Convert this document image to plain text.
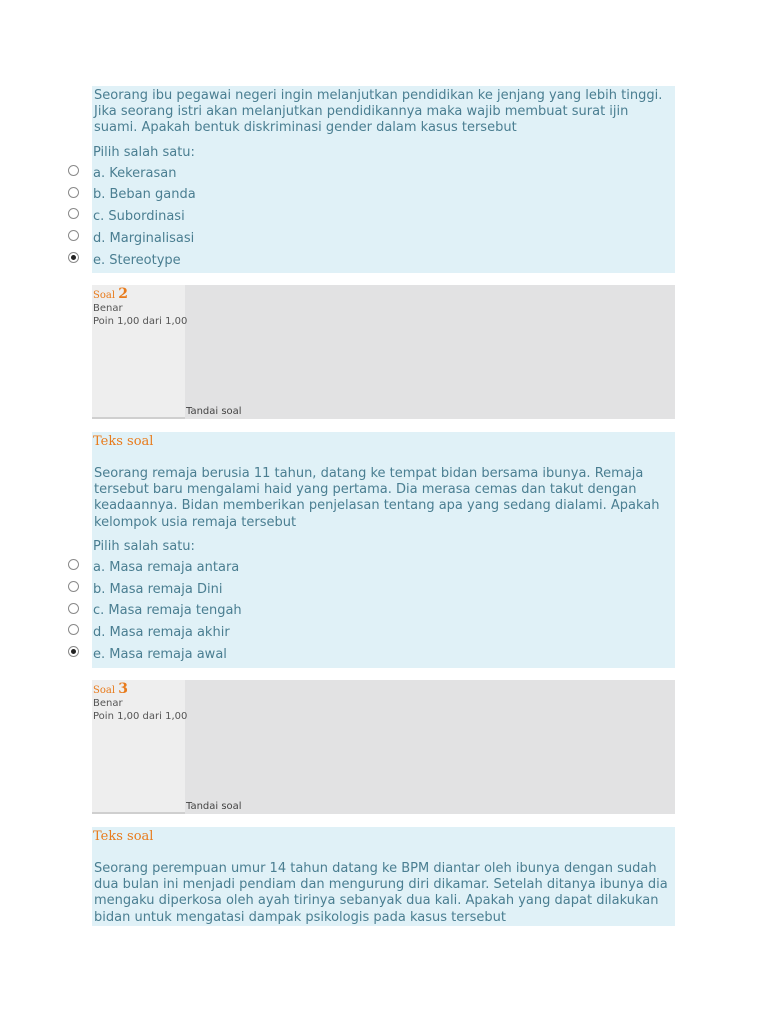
Seorang ibu pegawai negeri ingin melanjutkan pendidikan ke jenjang yang lebih tinggi. Jika seorang istri akan melanjutkan pendidikannya maka wajib membuat surat ijin suami. Apakah bentuk diskriminasi gender dalam kasus tersebut

Pilih salah satu:
a. Kekerasan
b. Beban ganda
c. Subordinasi
d. Marginalisasi
e. Stereotype
Soal 2
Benar
Poin 1,00 dari 1,00
Tandai soal
Teks soal

Seorang remaja berusia 11 tahun, datang ke tempat bidan bersama ibunya. Remaja tersebut baru mengalami haid yang pertama. Dia merasa cemas dan takut dengan keadaannya. Bidan memberikan penjelasan tentang apa yang sedang dialami. Apakah kelompok usia remaja tersebut

Pilih salah satu:
a. Masa remaja antara
b. Masa remaja Dini
c. Masa remaja tengah
d. Masa remaja akhir
e. Masa remaja awal
Soal 3
Benar
Poin 1,00 dari 1,00
Tandai soal
Teks soal

Seorang perempuan umur 14 tahun datang ke BPM diantar oleh ibunya dengan sudah dua bulan ini menjadi pendiam dan mengurung diri dikamar. Setelah ditanya ibunya dia mengaku diperkosa oleh ayah tirinya sebanyak dua kali. Apakah yang dapat dilakukan bidan untuk mengatasi dampak psikologis pada kasus tersebut
